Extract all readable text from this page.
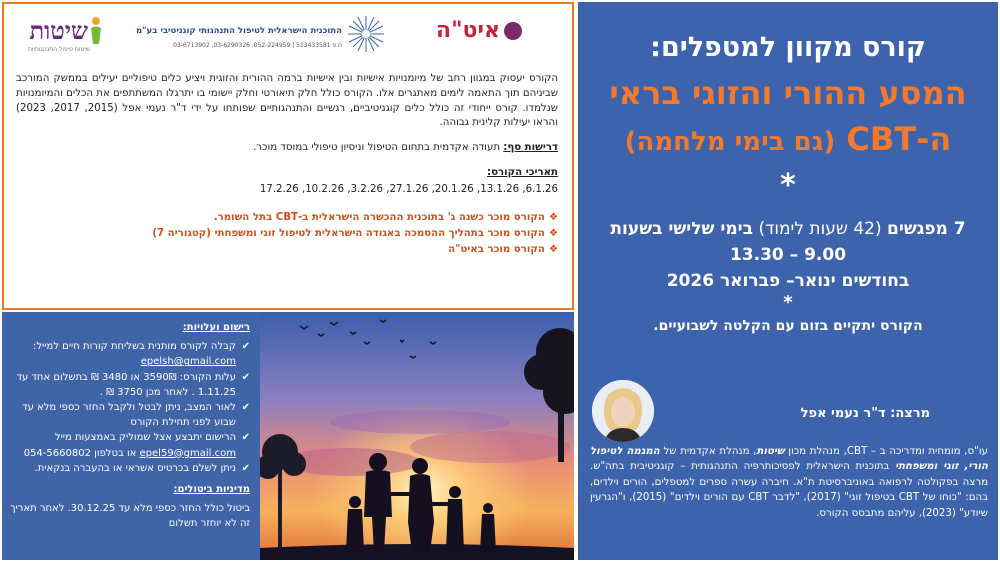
איט"ה
התוכנית הישראלית לטיפול התנהגותי קוגניטיבי בע"מ
03-6713902 ,03-6290326 ,052-224959 | 513433581 ח.פ
שיטות
שיטות טיפול התנהגותיות

הקורס יעסוק במגוון רחב של מיומנויות אישיות ובין אישיות ברמה ההורית והזוגית ויציע כלים טיפוליים יעילים בממשק המורכב שביניהם תוך התאמה לימים מאתגרים אלו. הקורס כולל חלק תיאורטי וחלק יישומי בו יתרגלו המשתתפים את הכלים והמיומנויות שנלמדו. קורס ייחודי זה כולל כלים קוגניטיביים, רגשיים והתנהגותיים שפותחו על ידי ד"ר נעמי אפל (2015, 2017, 2023) והראו יעילות קלינית גבוהה.

דרישות סף: תעודה אקדמית בתחום הטיפול וניסיון טיפולי במוסד מוכר.

תאריכי הקורס:
6.1.26, 13.1.26, 20.1.26, 27.1.26, 3.2.26, 10.2.26, 17.2.26
❖הקורס מוכר כשנה ג' בתוכנית ההכשרה הישראלית ב-CBT בתל השומר.
❖הקורס מוכר בתהליך ההסמכה באגודה הישראלית לטיפול זוגי ומשפחתי (קטגוריה 7)
❖הקורס מוכר באיט"ה
רישום ועלויות:
✔
קבלה לקורס מותנית בשליחת קורות חיים למייל:
epelsh@gmail.com
✔
עלות הקורס: 3590₪ או 3480 ₪ בתשלום אחד עד 1.11.25 . לאחר מכן 3750 ₪ .
✔
לאור המצב, ניתן לבטל ולקבל החזר כספי מלא עד שבוע לפני תחילת הקורס
✔
הרישום יתבצע אצל שמוליק באמצעות מייל epel59@gmail.com או בטלפון 054-5660802
✔
ניתן לשלם בכרטיס אשראי או בהעברה בנקאית.
מדיניות ביטולים:
ביטול כולל החזר כספי מלא עד 30.12.25. לאחר תאריך זה לא יוחזר תשלום
קורס מקוון למטפלים:
המסע ההורי והזוגי בראי
ה-CBT (גם בימי מלחמה)
*
7 מפגשים (42 שעות לימוד) בימי שלישי בשעות
9.00 – 13.30
בחודשים ינואר– פברואר 2026
*
הקורס יתקיים בזום עם הקלטה לשבועיים.
מרצה: ד"ר נעמי אפל
עו"ס, מומחית ומדריכה ב – CBT, מנהלת מכון שיטות, מנהלת אקדמית של המגמה לטיפול הורי, זוגי ומשפחתי בתוכנית הישראלית לפסיכותרפיה התנהגותית – קוגניטיבית בתה"ש. מרצה בפקולטה לרפואה באוניברסיטת ת"א. חיברה עשרה ספרים למטפלים, הורים וילדים, בהם: "כוחו של CBT בטיפול זוגי" (2017), "לדבר CBT עם הורים וילדים" (2015), ו"הגרעין שיודע" (2023), עליהם מתבסס הקורס.
